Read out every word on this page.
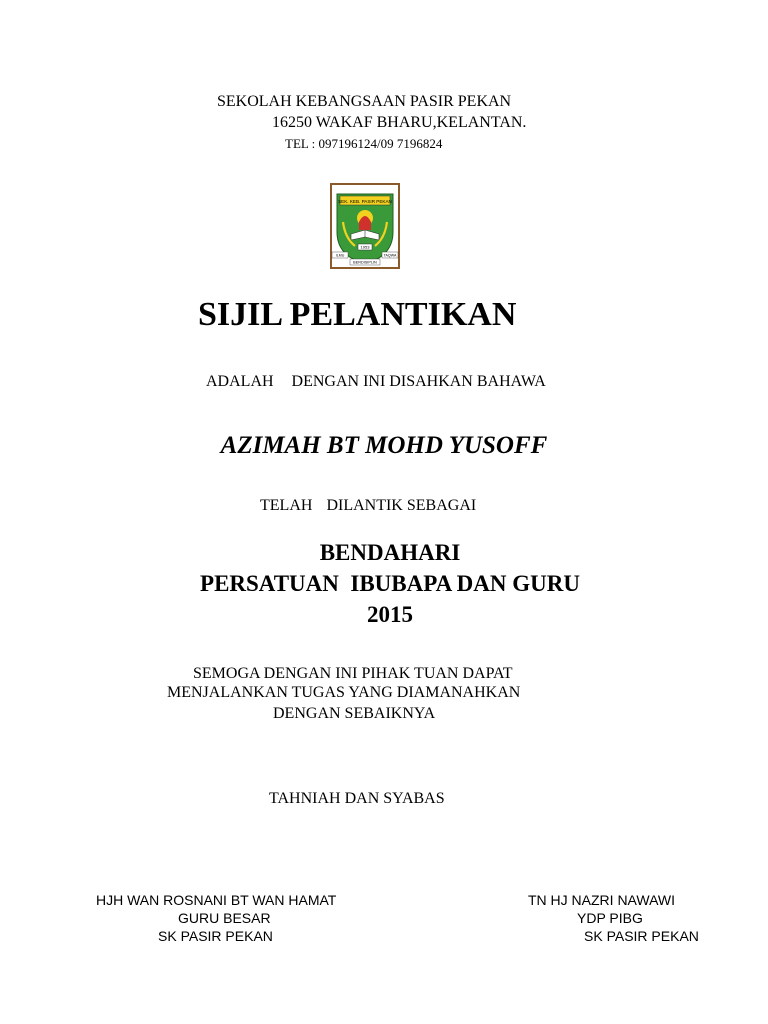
SEKOLAH KEBANGSAAN PASIR PEKAN
16250 WAKAF BHARU,KELANTAN.
TEL : 097196124/09 7196824
SEK. KEB. PASIR PEKAN
1953
ILMU	TAQWA
BERDISIPLIN
SIJIL PELANTIKAN
ADALAH DENGAN INI DISAHKAN BAHAWA
AZIMAH BT MOHD YUSOFF
TELAH DILANTIK SEBAGAI
BENDAHARI
PERSATUAN  IBUBAPA DAN GURU
2015
SEMOGA DENGAN INI PIHAK TUAN DAPAT
MENJALANKAN TUGAS YANG DIAMANAHKAN
DENGAN SEBAIKNYA
TAHNIAH DAN SYABAS
HJH WAN ROSNANI BT WAN HAMAT
GURU BESAR
SK PASIR PEKAN
TN HJ NAZRI NAWAWI
YDP PIBG
SK PASIR PEKAN
